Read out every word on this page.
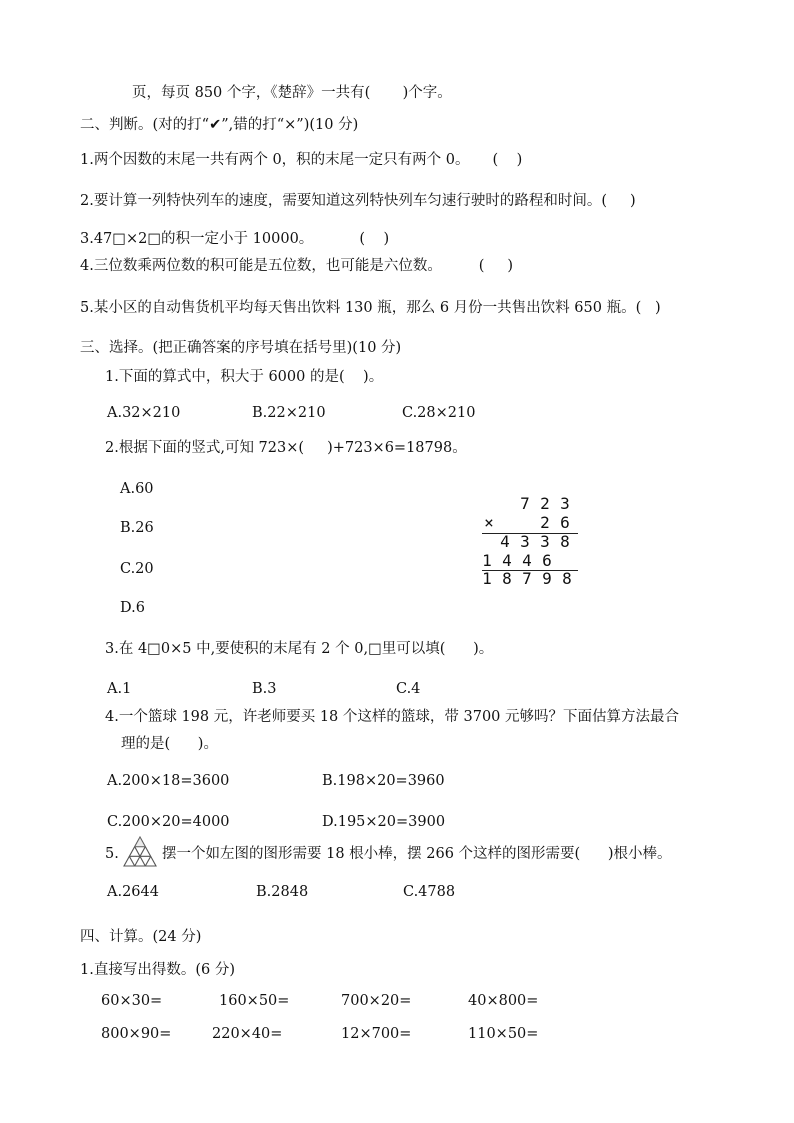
页，每页 850 个字，《楚辞》一共有(       )个字。
二、判断。(对的打“✔”,错的打“×”)(10 分)
1.两个因数的末尾一共有两个 0，积的末尾一定只有两个 0。     (    )
2.要计算一列特快列车的速度，需要知道这列特快列车匀速行驶时的路程和时间。(     )
3.47□×2□的积一定小于 10000。          (    )
4.三位数乘两位数的积可能是五位数，也可能是六位数。        (     )
5.某小区的自动售货机平均每天售出饮料 130 瓶，那么 6 月份一共售出饮料 650 瓶。(   )
三、选择。(把正确答案的序号填在括号里)(10 分)
1.下面的算式中，积大于 6000 的是(    )。
A.32×210	B.22×210	C.28×210
2.根据下面的竖式,可知 723×(     )+723×6=18798。
A.60
B.26
C.20
D.6
7 2 3
×	2 6
4 3 3 8
1 4 4 6
1 8 7 9 8
3.在 4□0×5 中,要使积的末尾有 2 个 0,□里可以填(      )。
A.1	B.3	C.4
4.一个篮球 198 元，许老师要买 18 个这样的篮球，带 3700 元够吗？下面估算方法最合
理的是(      )。
A.200×18=3600	B.198×20=3960
C.200×20=4000	D.195×20=3900
5.	摆一个如左图的图形需要 18 根小棒，摆 266 个这样的图形需要(      )根小棒。
A.2644	B.2848	C.4788
四、计算。(24 分)
1.直接写出得数。(6 分)
60×30=	160×50=	700×20=	40×800=
800×90=	220×40=	12×700=	110×50=
